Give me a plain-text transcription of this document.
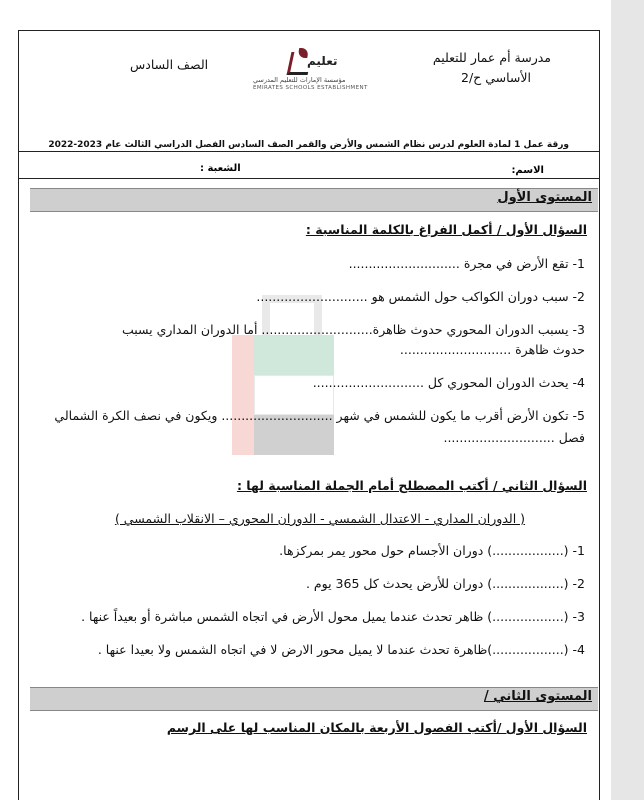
مدرسة أم عمار للتعليم
الأساسي ح/2
الصف السادس	تعليم
مؤسسة الإمارات للتعليم المدرسي
EMIRATES SCHOOLS ESTABLISHMENT
ورقة عمل 1 لمادة العلوم لدرس نظام الشمس والأرض والقمر الصف السادس الفصل الدراسي الثالث عام 2023-2022
الاسم:
الشعبة :
المستوى الأول
السؤال الأول / أكمل الفراغ بالكلمة المناسبة :
1- تقع الأرض في مجرة ............................
2- سبب دوران الكواكب حول الشمس هو ............................
3- يسبب الدوران المحوري حدوث ظاهرة............................ أما الدوران المداري يسبب
حدوث ظاهرة ............................
4- يحدث الدوران المحوري كل ............................
5- تكون الأرض أقرب ما يكون للشمس في شهر ............................ ويكون في نصف الكرة الشمالي
فصل ............................
السؤال الثاني / أكتب المصطلح أمام الجملة المناسبة لها :
( الدوران المداري - الاعتدال الشمسي - الدوران المحوري – الانقلاب الشمسي )
1- (..................) دوران الأجسام حول محور يمر بمركزها.
2- (..................) دوران للأرض يحدث كل 365 يوم .
3- (..................) ظاهر تحدث عندما يميل محول الأرض في اتجاه الشمس مباشرة أو بعيداً عنها .
4- (..................)ظاهرة تحدث عندما لا يميل محور الارض لا في اتجاه الشمس ولا بعيدا عنها .
المستوى الثاني /
السؤال الأول /أكتب الفصول الأربعة بالمكان المناسب لها على الرسم
